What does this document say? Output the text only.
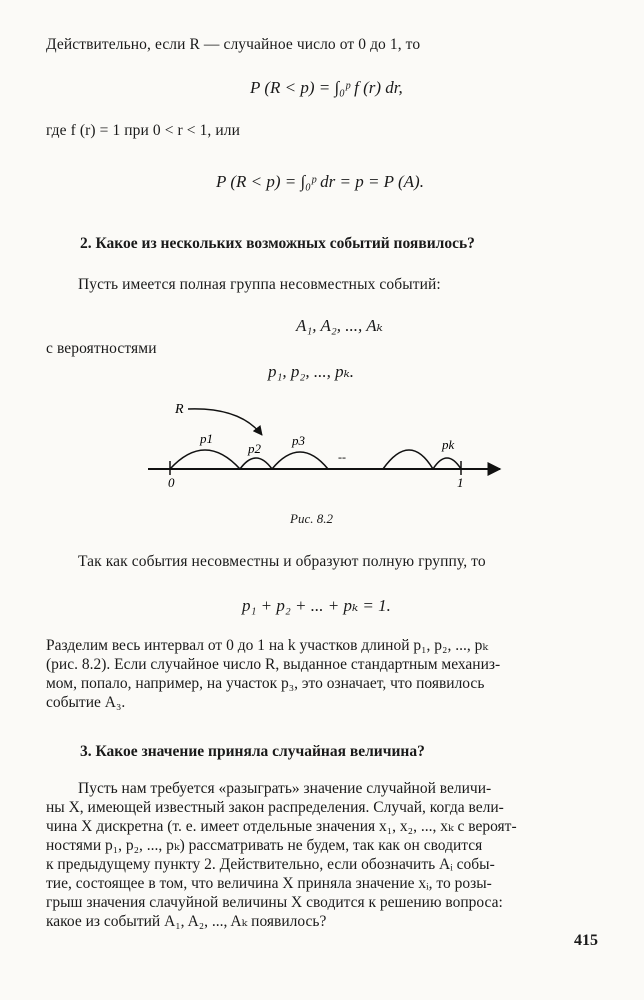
Действительно, если R — случайное число от 0 до 1, то
P (R < p) = ∫₀ᵖ f (r) dr,
где f (r) = 1 при 0 < r < 1, или
P (R < p) = ∫₀ᵖ dr = p = P (A).
2. Какое из нескольких возможных событий появилось?
Пусть имеется полная группа несовместных событий:
A₁, A₂, ..., Aₖ
с вероятностями
p₁, p₂, ..., pₖ.
R
p1
p2
p3	pk
0	1
--
Рис. 8.2
Так как события несовместны и образуют полную группу, то
p₁ + p₂ + ... + pₖ = 1.

Разделим весь интервал от 0 до 1 на k участков длиной p₁, p₂, ..., pₖ

(рис. 8.2). Если случайное число R, выданное стандартным механиз-

мом, попало, например, на участок p₃, это означает, что появилось

событие A₃.

3. Какое значение приняла случайная величина?

Пусть нам требуется «разыграть» значение случайной величи-

ны X, имеющей известный закон распределения. Случай, когда вели-

чина X дискретна (т. е. имеет отдельные значения x₁, x₂, ..., xₖ с вероят-

ностями p₁, p₂, ..., pₖ) рассматривать не будем, так как он сводится

к предыдущему пункту 2. Действительно, если обозначить Aᵢ собы-

тие, состоящее в том, что величина X приняла значение xᵢ, то розы-

грыш значения слачуйной величины X сводится к решению вопроса:

какое из событий A₁, A₂, ..., Aₖ появилось?

415
